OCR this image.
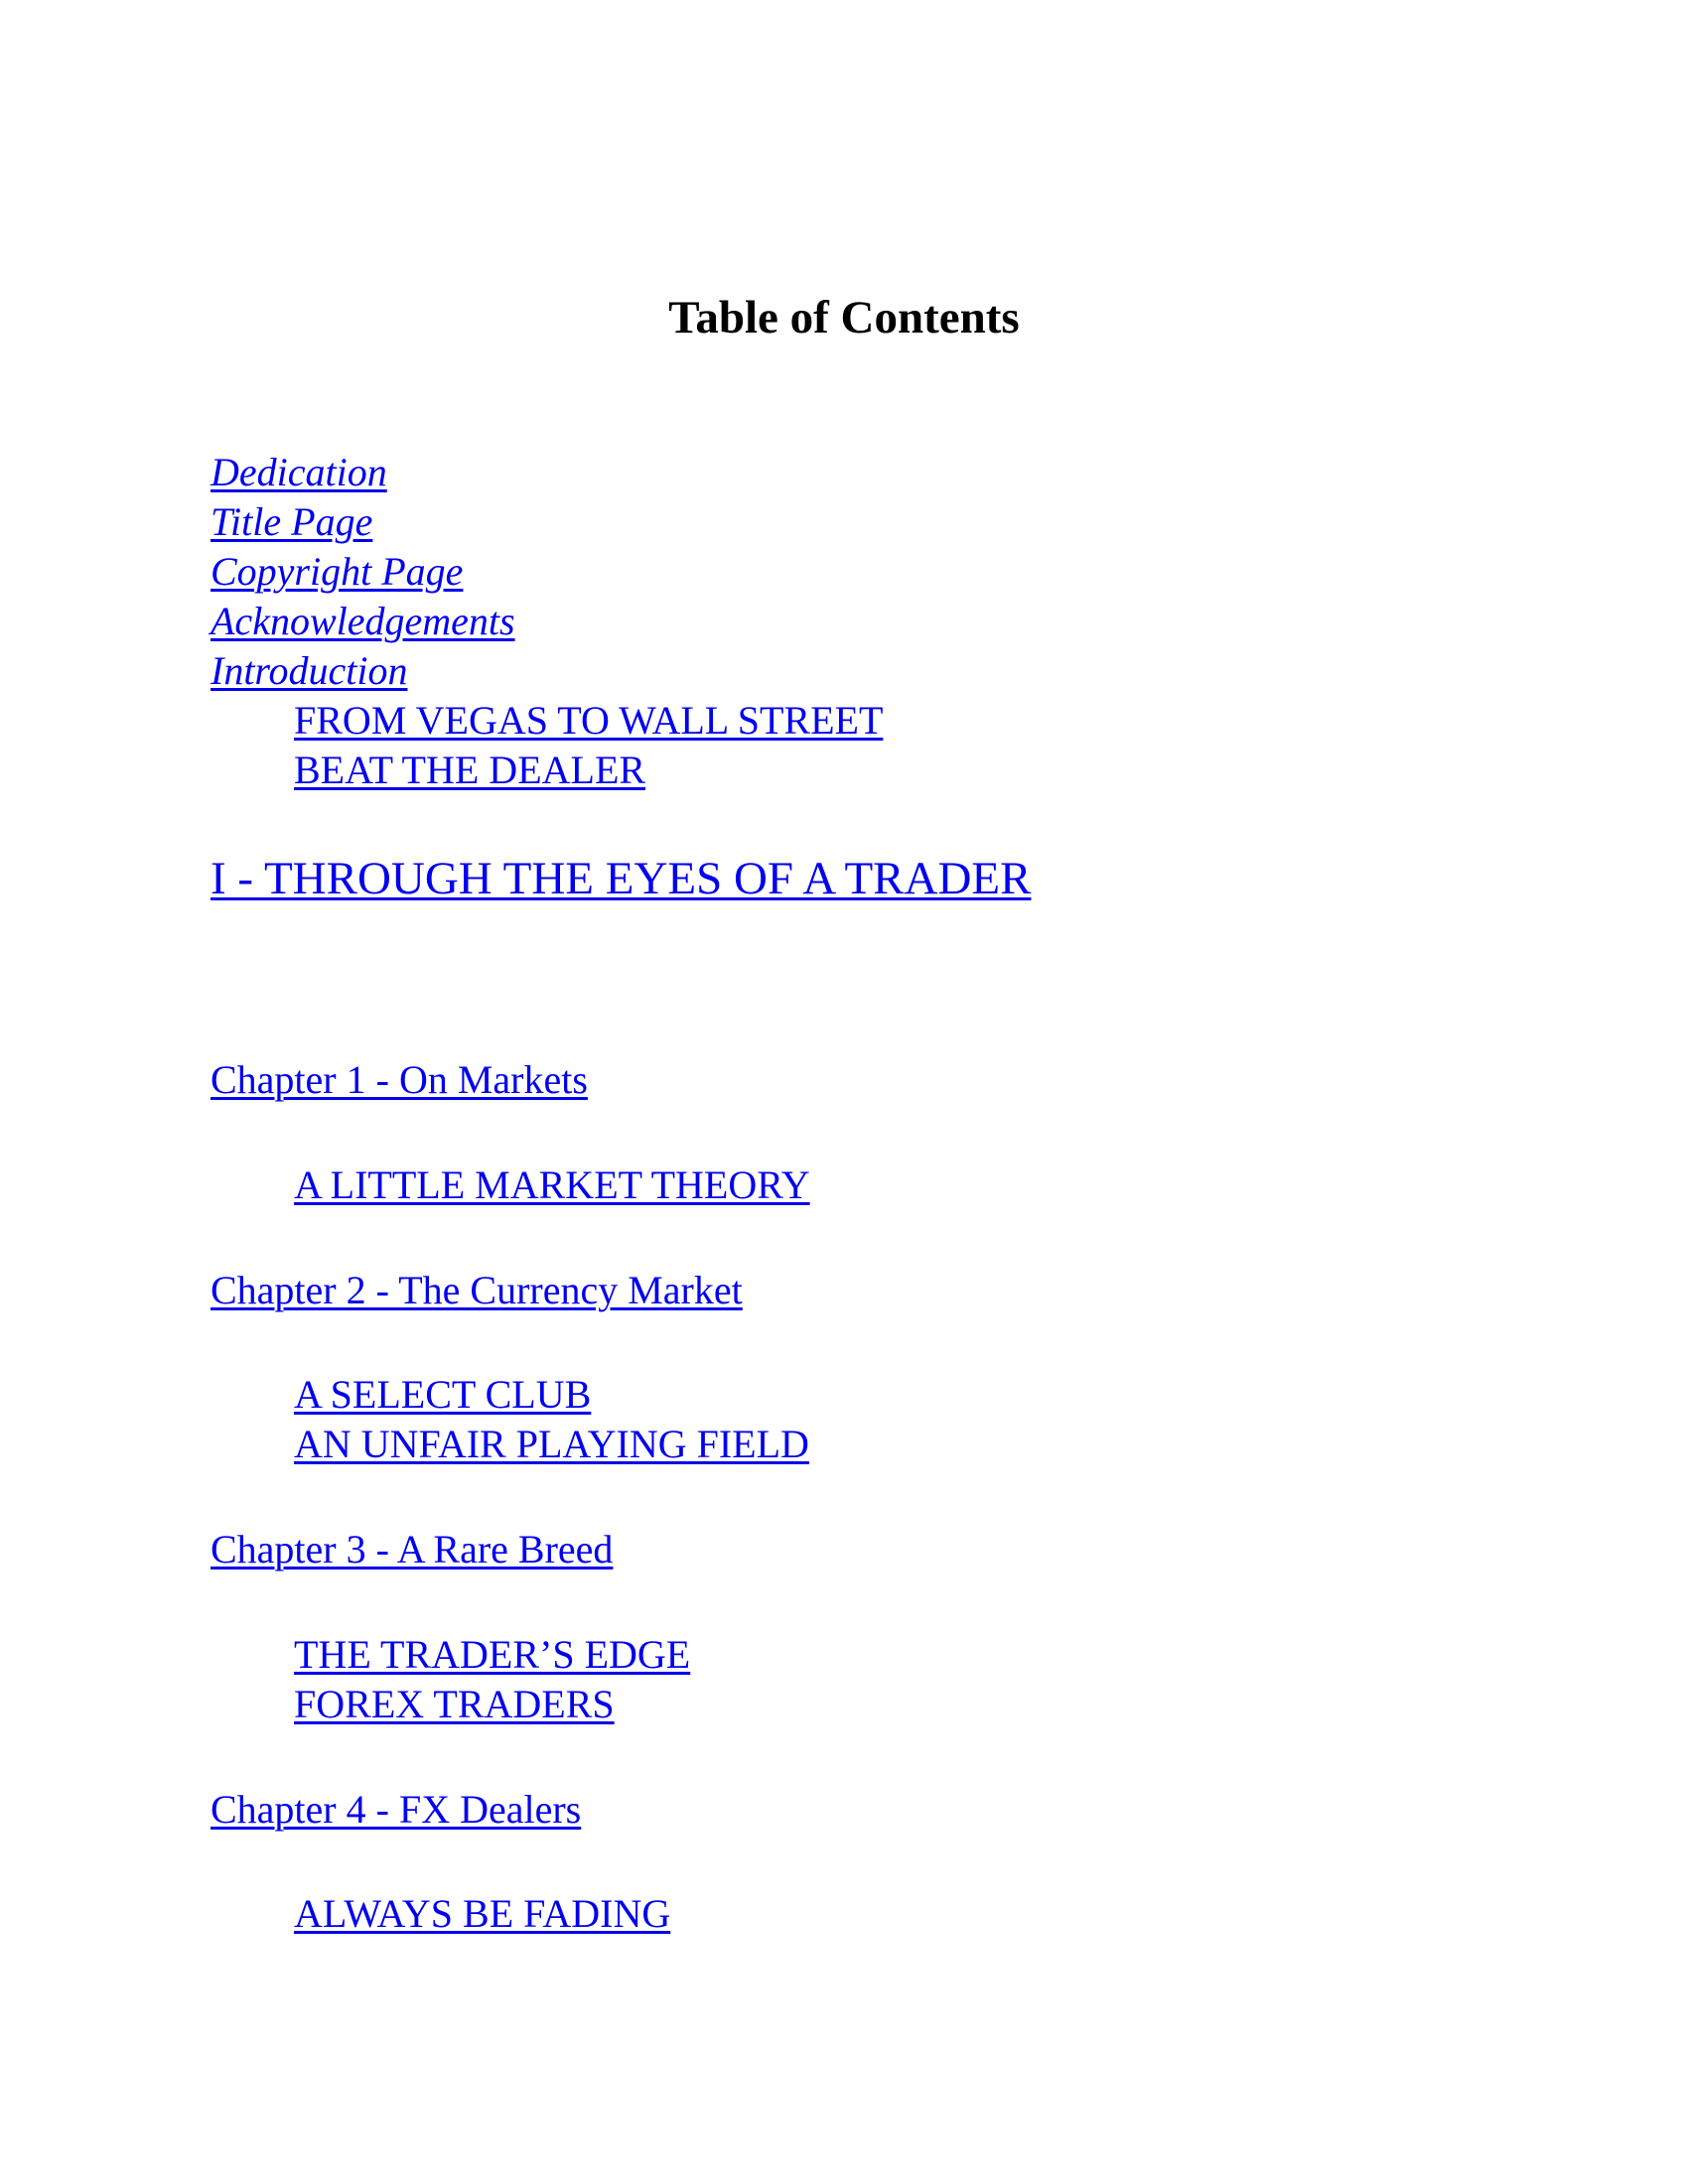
Table of Contents
Dedication
Title Page
Copyright Page
Acknowledgements
Introduction
FROM VEGAS TO WALL STREET
BEAT THE DEALER
I - THROUGH THE EYES OF A TRADER
Chapter 1 - On Markets
A LITTLE MARKET THEORY
Chapter 2 - The Currency Market
A SELECT CLUB
AN UNFAIR PLAYING FIELD
Chapter 3 - A Rare Breed
THE TRADER’S EDGE
FOREX TRADERS
Chapter 4 - FX Dealers
ALWAYS BE FADING
